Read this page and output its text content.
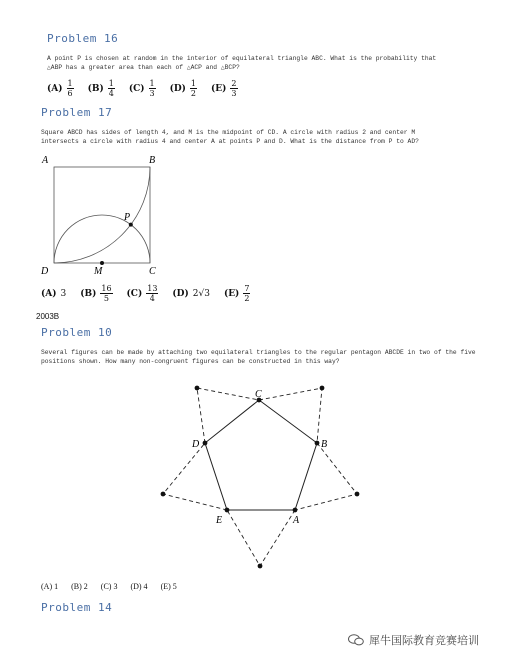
Problem 16
A point P is chosen at random in the interior of equilateral triangle ABC. What is the probability that
△ABP has a greater area than each of △ACP and △BCP?
$(A) \frac{1}{6} (B) \frac{1}{4} (C) \frac{1}{3} (D) \frac{1}{2} (E) \frac{2}{3}$
Problem 17
Square ABCD has sides of length 4, and M is the midpoint of CD. A circle with radius 2 and center M
intersects a circle with radius 4 and center A at points P and D. What is the distance from P to AD?
A	B
C
D	M
P
(A) 3 $(B) \frac{16}{5} (C) \frac{13}{4} (D)$ 2√3 $(E) \frac{7}{2}$
2003B
Problem 10
Several figures can be made by attaching two equilateral triangles to the regular pentagon ABCDE in two of the five
positions shown. How many non-congruent figures can be constructed in this way?
C
B
A
E
D
(A) 1 (B) 2 (C) 3 (D) 4 (E) 5
Problem 14
犀牛国际教育竞赛培训
